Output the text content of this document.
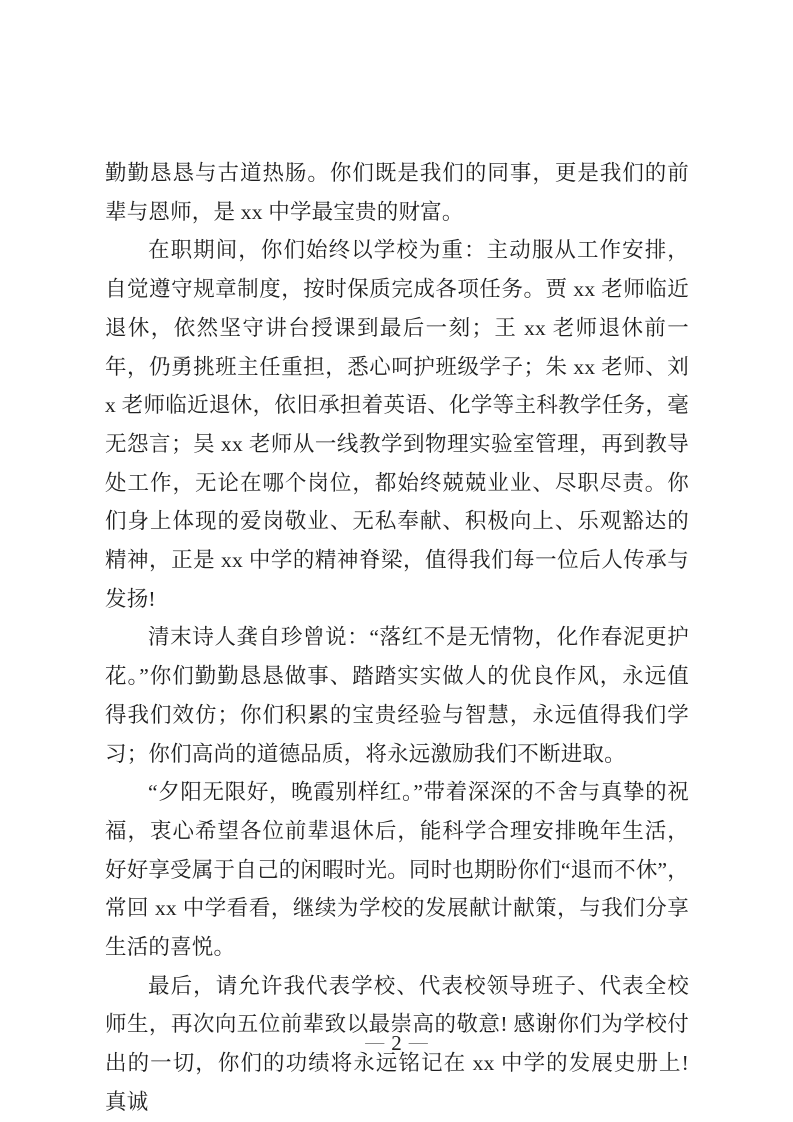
勤勤恳恳与古道热肠。你们既是我们的同事，更是我们的前辈与恩师，是 xx 中学最宝贵的财富。

在职期间，你们始终以学校为重：主动服从工作安排，自觉遵守规章制度，按时保质完成各项任务。贾 xx 老师临近退休，依然坚守讲台授课到最后一刻；王 xx 老师退休前一年，仍勇挑班主任重担，悉心呵护班级学子；朱 xx 老师、刘 x 老师临近退休，依旧承担着英语、化学等主科教学任务，毫无怨言；吴 xx 老师从一线教学到物理实验室管理，再到教导处工作，无论在哪个岗位，都始终兢兢业业、尽职尽责。你们身上体现的爱岗敬业、无私奉献、积极向上、乐观豁达的精神，正是 xx 中学的精神脊梁，值得我们每一位后人传承与发扬!

清末诗人龚自珍曾说：“落红不是无情物，化作春泥更护花。”你们勤勤恳恳做事、踏踏实实做人的优良作风，永远值得我们效仿；你们积累的宝贵经验与智慧，永远值得我们学习；你们高尚的道德品质，将永远激励我们不断进取。

“夕阳无限好，晚霞别样红。”带着深深的不舍与真挚的祝福，衷心希望各位前辈退休后，能科学合理安排晚年生活，好好享受属于自己的闲暇时光。同时也期盼你们“退而不休”，常回 xx 中学看看，继续为学校的发展献计献策，与我们分享生活的喜悦。

最后，请允许我代表学校、代表校领导班子、代表全校师生，再次向五位前辈致以最崇高的敬意! 感谢你们为学校付出的一切，你们的功绩将永远铭记在 xx 中学的发展史册上! 真诚

— 2 —
